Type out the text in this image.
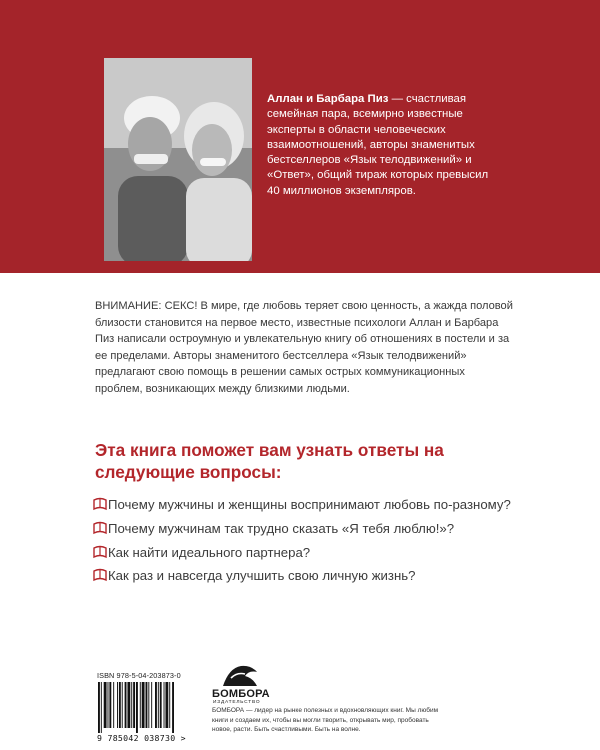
Аллан и Барбара Пиз — счастливая семейная пара, всемирно известные эксперты в области человеческих взаимоотношений, авторы знаменитых бестселлеров «Язык телодвижений» и «Ответ», общий тираж которых превысил 40 миллионов экземпляров.

ВНИМАНИЕ: СЕКС! В мире, где любовь теряет свою ценность, а жажда половой близости становится на первое место, известные психологи Аллан и Барбара Пиз написали остроумную и увлекательную книгу об отношениях в постели и за ее пределами. Авторы знаменитого бестселлера «Язык телодвижений» предлагают свою помощь в решении самых острых коммуникационных проблем, возникающих между близкими людьми.

Эта книга поможет вам узнать ответы на следующие вопросы:
Почему мужчины и женщины воспринимают любовь по-разному?
Почему мужчинам так трудно сказать «Я тебя люблю!»?
Как найти идеального партнера?
Как раз и навсегда улучшить свою личную жизнь?
ISBN 978-5-04-203873-0
9 785042 038730 >
БОМБОРА
ИЗДАТЕЛЬСТВО

БОМБОРА — лидер на рынке полезных и вдохновляющих книг. Мы любим книги и создаем их, чтобы вы могли творить, открывать мир, пробовать новое, расти. Быть счастливыми. Быть на волне.
